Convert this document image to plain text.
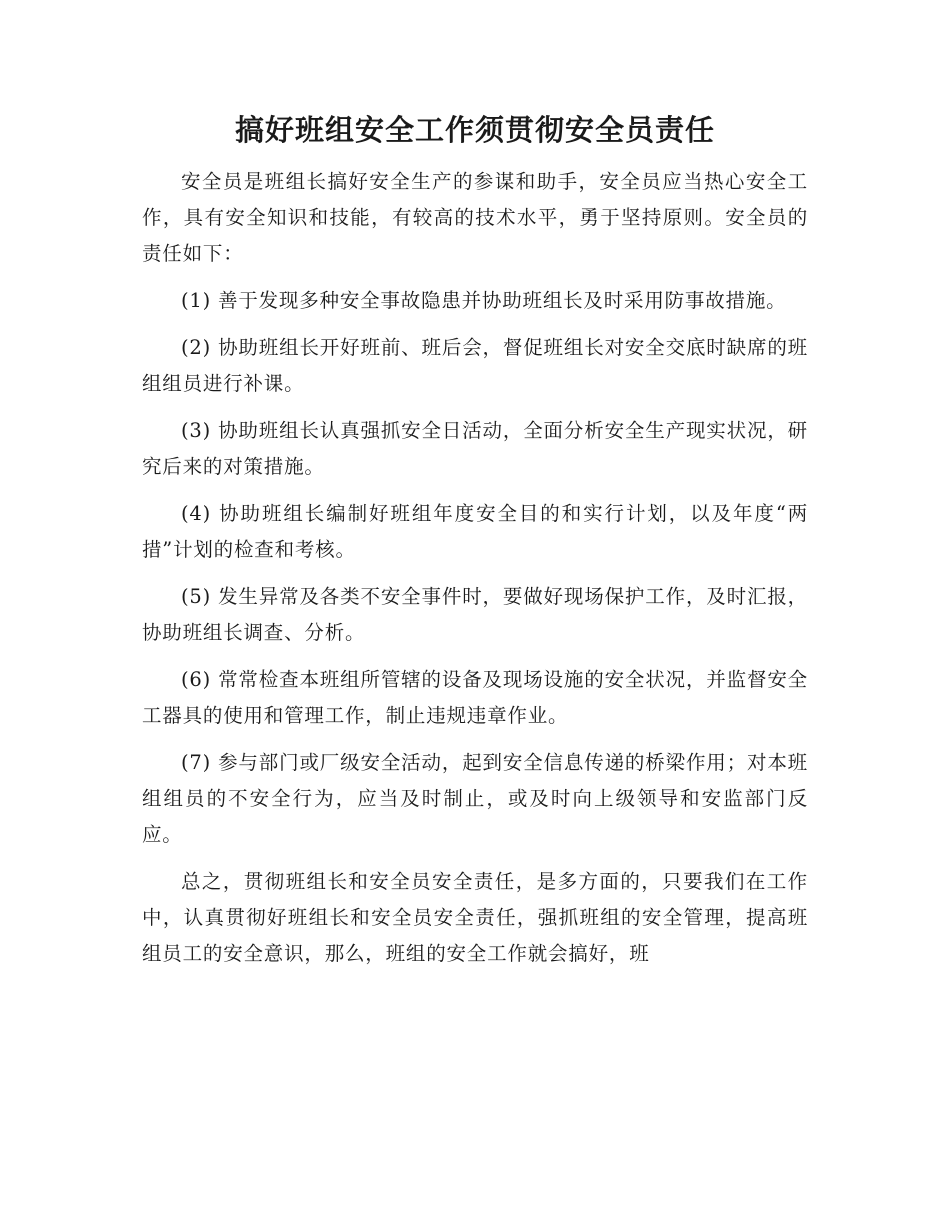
搞好班组安全工作须贯彻安全员责任

安全员是班组长搞好安全生产的参谋和助手，安全员应当热心安全工作，具有安全知识和技能，有较高的技术水平，勇于坚持原则。安全员的责任如下：

(1) 善于发现多种安全事故隐患并协助班组长及时采用防事故措施。

(2) 协助班组长开好班前、班后会，督促班组长对安全交底时缺席的班组组员进行补课。

(3) 协助班组长认真强抓安全日活动，全面分析安全生产现实状况，研究后来的对策措施。

(4) 协助班组长编制好班组年度安全目的和实行计划，以及年度“两措”计划的检查和考核。

(5) 发生异常及各类不安全事件时，要做好现场保护工作，及时汇报，协助班组长调查、分析。

(6) 常常检查本班组所管辖的设备及现场设施的安全状况，并监督安全工器具的使用和管理工作，制止违规违章作业。

(7) 参与部门或厂级安全活动，起到安全信息传递的桥梁作用；对本班组组员的不安全行为，应当及时制止，或及时向上级领导和安监部门反应。

总之，贯彻班组长和安全员安全责任，是多方面的，只要我们在工作中，认真贯彻好班组长和安全员安全责任，强抓班组的安全管理，提高班组员工的安全意识，那么，班组的安全工作就会搞好，班
